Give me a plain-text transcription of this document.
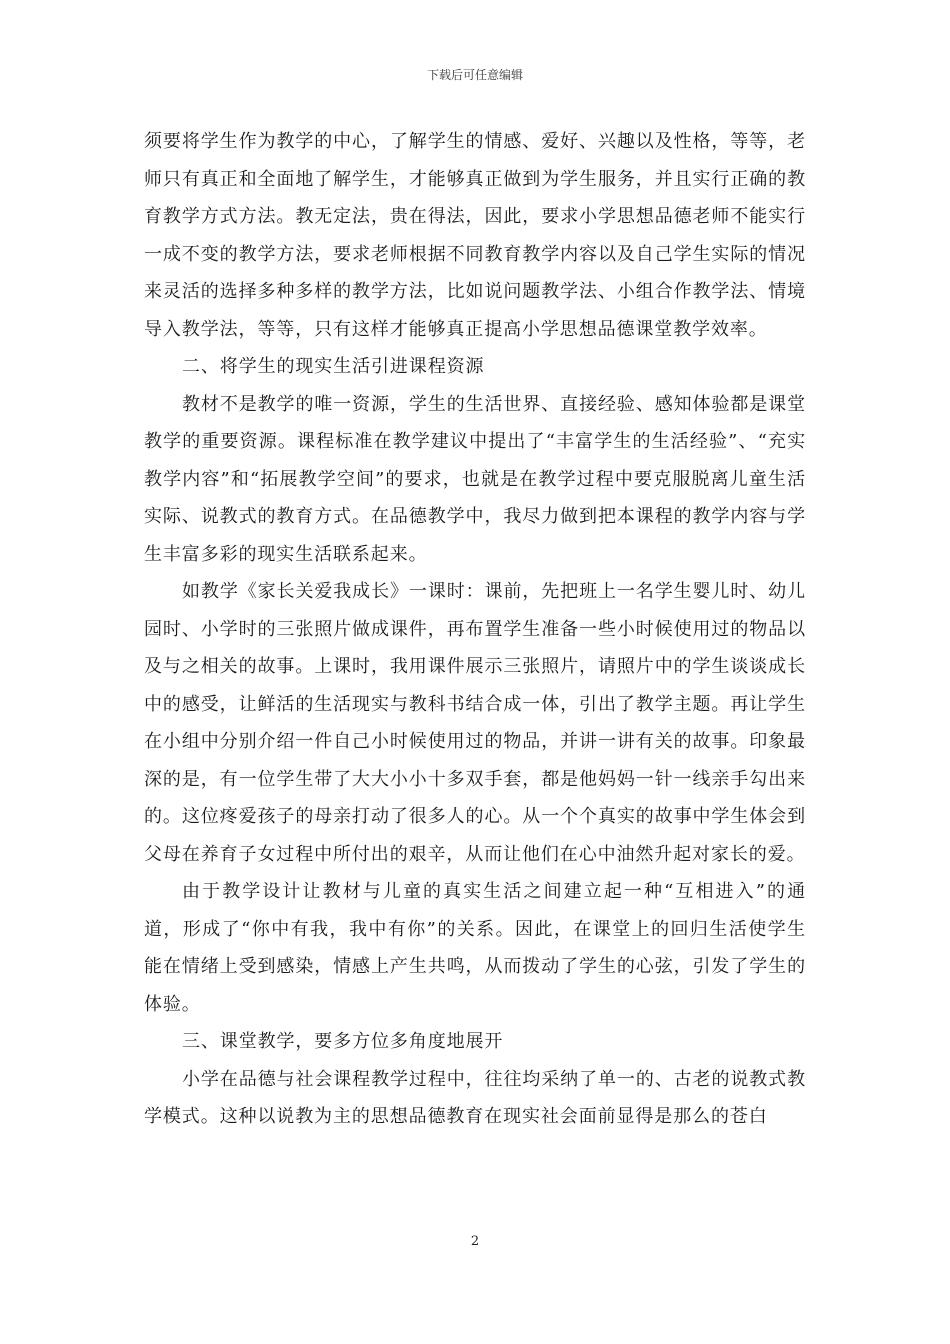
下载后可任意编辑

须要将学生作为教学的中心，了解学生的情感、爱好、兴趣以及性格，等等，老师只有真正和全面地了解学生，才能够真正做到为学生服务，并且实行正确的教育教学方式方法。教无定法，贵在得法，因此，要求小学思想品德老师不能实行一成不变的教学方法，要求老师根据不同教育教学内容以及自己学生实际的情况来灵活的选择多种多样的教学方法，比如说问题教学法、小组合作教学法、情境导入教学法，等等，只有这样才能够真正提高小学思想品德课堂教学效率。

二、将学生的现实生活引进课程资源

教材不是教学的唯一资源，学生的生活世界、直接经验、感知体验都是课堂教学的重要资源。课程标准在教学建议中提出了“丰富学生的生活经验”、“充实教学内容”和“拓展教学空间”的要求，也就是在教学过程中要克服脱离儿童生活实际、说教式的教育方式。在品德教学中，我尽力做到把本课程的教学内容与学生丰富多彩的现实生活联系起来。

如教学《家长关爱我成长》一课时：课前，先把班上一名学生婴儿时、幼儿园时、小学时的三张照片做成课件，再布置学生准备一些小时候使用过的物品以及与之相关的故事。上课时，我用课件展示三张照片，请照片中的学生谈谈成长中的感受，让鲜活的生活现实与教科书结合成一体，引出了教学主题。再让学生在小组中分别介绍一件自己小时候使用过的物品，并讲一讲有关的故事。印象最深的是，有一位学生带了大大小小十多双手套，都是他妈妈一针一线亲手勾出来的。这位疼爱孩子的母亲打动了很多人的心。从一个个真实的故事中学生体会到父母在养育子女过程中所付出的艰辛，从而让他们在心中油然升起对家长的爱。

由于教学设计让教材与儿童的真实生活之间建立起一种“互相进入”的通道，形成了“你中有我，我中有你”的关系。因此，在课堂上的回归生活使学生能在情绪上受到感染，情感上产生共鸣，从而拨动了学生的心弦，引发了学生的体验。

三、课堂教学，要多方位多角度地展开

小学在品德与社会课程教学过程中，往往均采纳了单一的、古老的说教式教学模式。这种以说教为主的思想品德教育在现实社会面前显得是那么的苍白

2
